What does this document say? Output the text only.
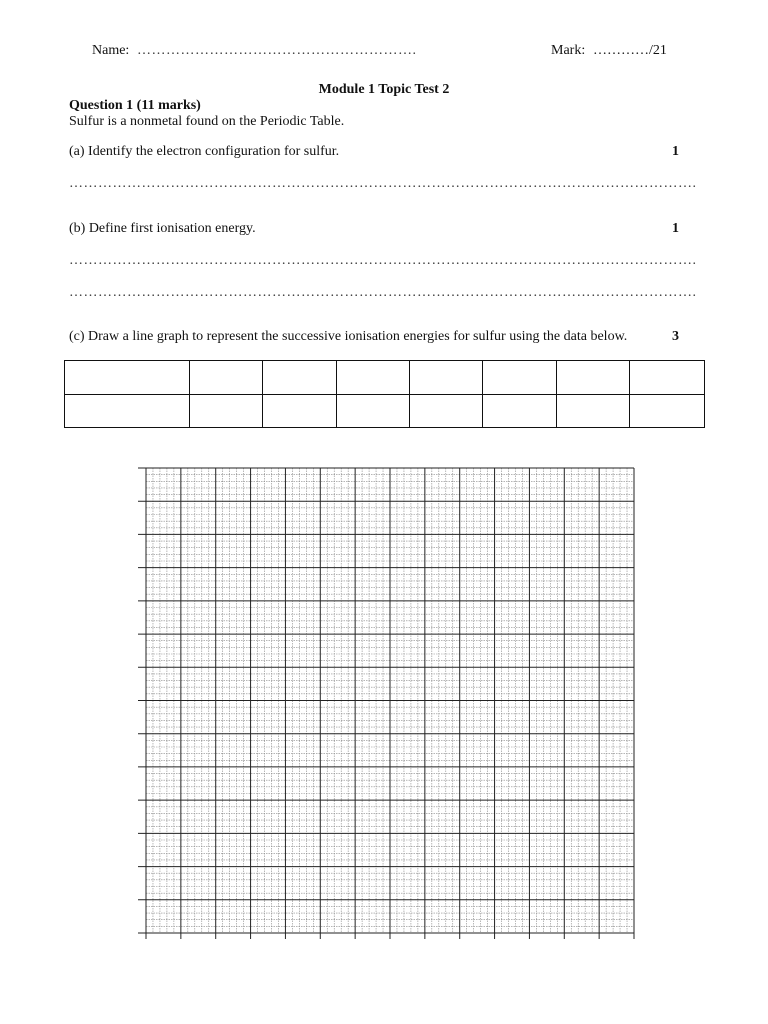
Name: ………………………………………………….	Mark: …………/21
Module 1 Topic Test 2
Question 1 (11 marks)
Sulfur is a nonmetal found on the Periodic Table.
(a) Identify the electron configuration for sulfur.	1
………………………………………………………………………………………………………………….
(b) Define first ionisation energy.	1
………………………………………………………………………………………………………………….
………………………………………………………………………………………………………………….
(c) Draw a line graph to represent the successive ionisation energies for sulfur using the data below.	3
